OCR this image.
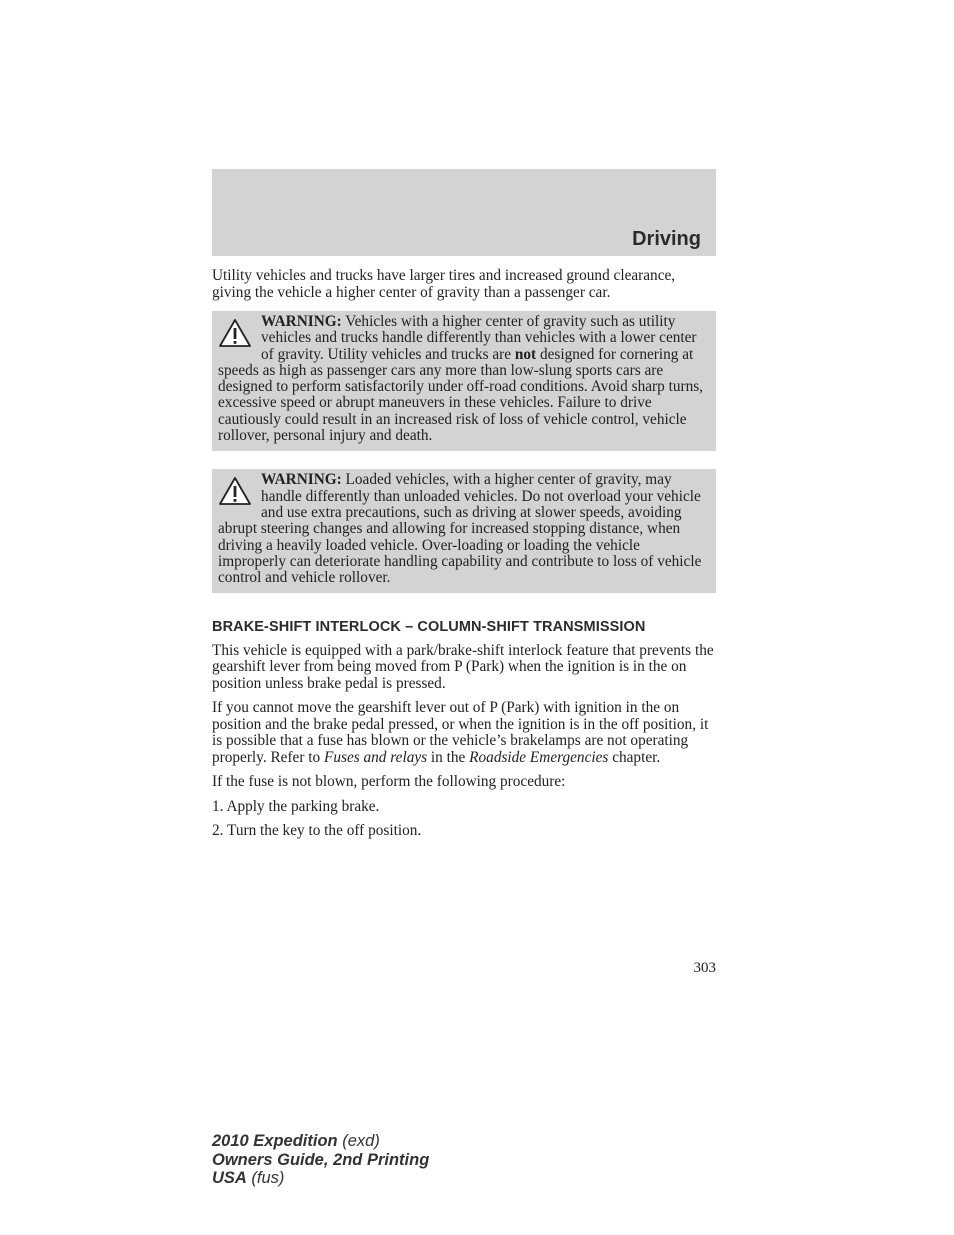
Driving

Utility vehicles and trucks have larger tires and increased ground clearance, giving the vehicle a higher center of gravity than a passenger car.

WARNING: Vehicles with a higher center of gravity such as utility vehicles and trucks handle differently than vehicles with a lower center of gravity. Utility vehicles and trucks are not designed for cornering at speeds as high as passenger cars any more than low-slung sports cars are designed to perform satisfactorily under off-road conditions. Avoid sharp turns, excessive speed or abrupt maneuvers in these vehicles. Failure to drive cautiously could result in an increased risk of loss of vehicle control, vehicle rollover, personal injury and death.
WARNING: Loaded vehicles, with a higher center of gravity, may handle differently than unloaded vehicles. Do not overload your vehicle and use extra precautions, such as driving at slower speeds, avoiding abrupt steering changes and allowing for increased stopping distance, when driving a heavily loaded vehicle. Over-loading or loading the vehicle improperly can deteriorate handling capability and contribute to loss of vehicle control and vehicle rollover.
BRAKE-SHIFT INTERLOCK – COLUMN-SHIFT TRANSMISSION

This vehicle is equipped with a park/brake-shift interlock feature that prevents the gearshift lever from being moved from P (Park) when the ignition is in the on position unless brake pedal is pressed.

If you cannot move the gearshift lever out of P (Park) with ignition in the on position and the brake pedal pressed, or when the ignition is in the off position, it is possible that a fuse has blown or the vehicle’s brakelamps are not operating properly. Refer to Fuses and relays in the Roadside Emergencies chapter.

If the fuse is not blown, perform the following procedure:

1. Apply the parking brake.

2. Turn the key to the off position.

303
2010 Expedition (exd)
Owners Guide, 2nd Printing
USA (fus)
